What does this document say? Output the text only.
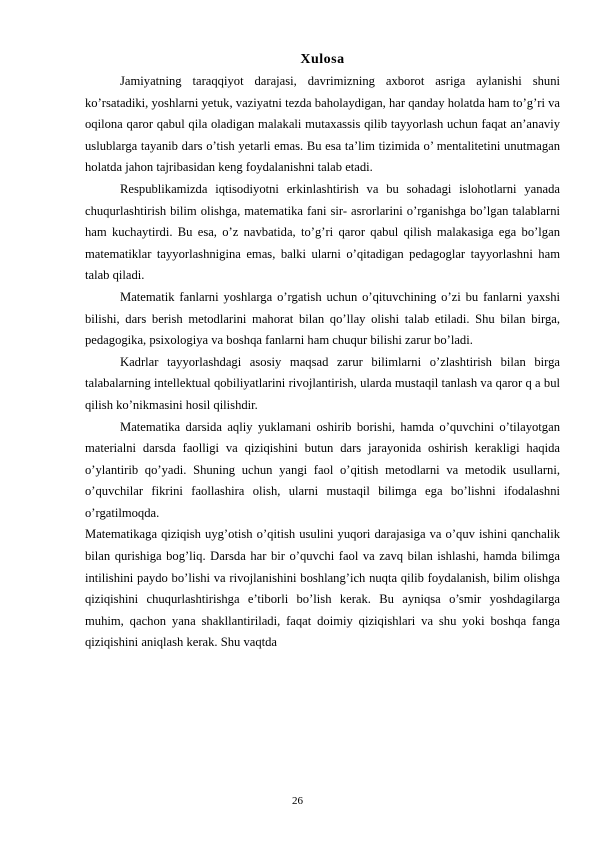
Xulosa

Jamiyatning taraqqiyot darajasi, davrimizning axborot asriga aylanishi shuni ko’rsatadiki, yoshlarni yetuk, vaziyatni tezda baholaydigan, har qanday holatda ham to’g’ri va oqilona qaror qabul qila oladigan malakali mutaxassis qilib tayyorlash uchun faqat an’anaviy uslublarga tayanib dars o’tish yetarli emas. Bu esa ta’lim tizimida o’ mentalitetini unutmagan holatda jahon tajribasidan keng foydalanishni talab etadi.

Respublikamizda iqtisodiyotni erkinlashtirish va bu sohadagi islohotlarni yanada chuqurlashtirish bilim olishga, matematika fani sir- asrorlarini o’rganishga bo’lgan talablarni ham kuchaytirdi. Bu esa, o’z navbatida, to’g’ri qaror qabul qilish malakasiga ega bo’lgan matematiklar tayyorlashnigina emas, balki ularni o’qitadigan pedagoglar tayyorlashni ham talab qiladi.

Matematik fanlarni yoshlarga o’rgatish uchun o’qituvchining o’zi bu fanlarni yaxshi bilishi, dars berish metodlarini mahorat bilan qo’llay olishi talab etiladi. Shu bilan birga, pedagogika, psixologiya va boshqa fanlarni ham chuqur bilishi zarur bo’ladi.

Kadrlar tayyorlashdagi asosiy maqsad zarur bilimlarni o’zlashtirish bilan birga talabalarning intellektual qobiliyatlarini rivojlantirish, ularda mustaqil tanlash va qaror q a bul qilish ko’nikmasini hosil qilishdir.

Matematika darsida aqliy yuklamani oshirib borishi, hamda o’quvchini o’tilayotgan materialni darsda faolligi va qiziqishini butun dars jarayonida oshirish kerakligi haqida o’ylantirib qo’yadi. Shuning uchun yangi faol o’qitish metodlarni va metodik usullarni, o’quvchilar fikrini faollashira olish, ularni mustaqil bilimga ega bo’lishni ifodalashni o’rgatilmoqda.

Matematikaga qiziqish uyg’otish o’qitish usulini yuqori darajasiga va o’quv ishini qanchalik bilan qurishiga bog’liq. Darsda har bir o’quvchi faol va zavq bilan ishlashi, hamda bilimga intilishini paydo bo’lishi va rivojlanishini boshlang’ich nuqta qilib foydalanish, bilim olishga qiziqishini chuqurlashtirishga e’tiborli bo’lish kerak. Bu ayniqsa o’smir yoshdagilarga muhim, qachon yana shakllantiriladi, faqat doimiy qiziqishlari va shu yoki boshqa fanga qiziqishini aniqlash kerak. Shu vaqtda

26
